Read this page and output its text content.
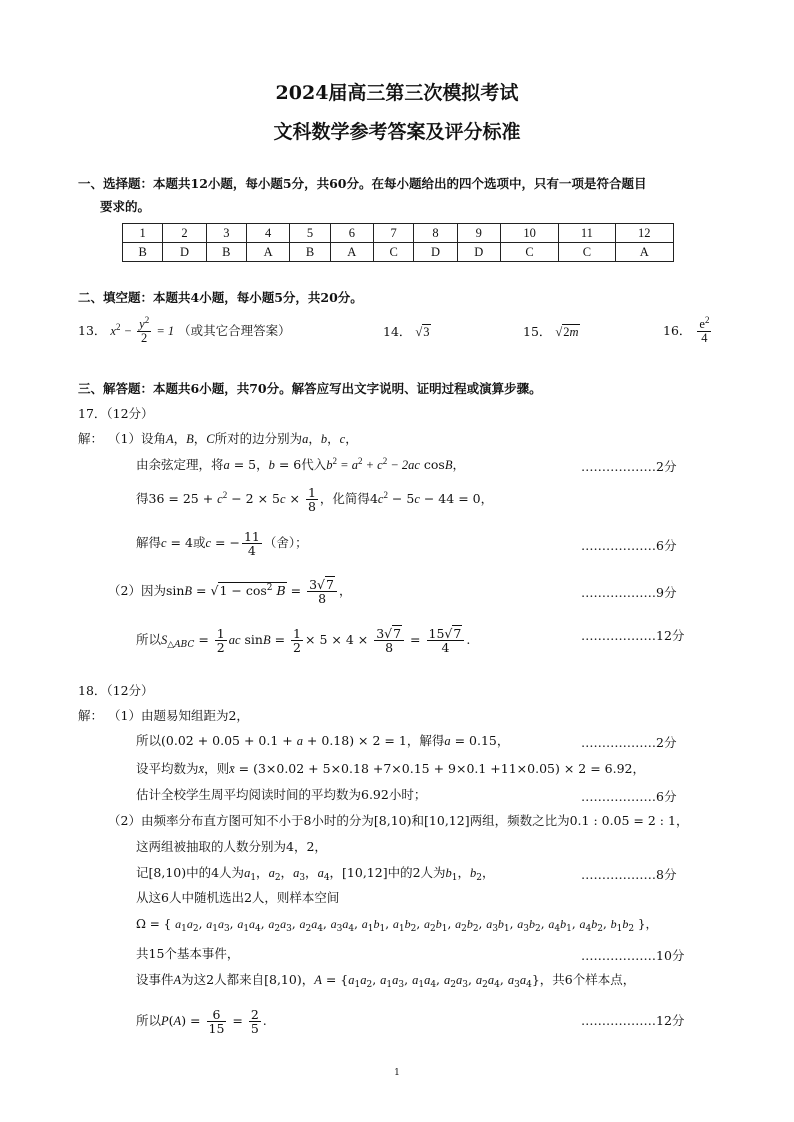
2024届高三第三次模拟考试
文科数学参考答案及评分标准
一、选择题：本题共12小题，每小题5分，共60分。在每小题给出的四个选项中，只有一项是符合题目
要求的。
1	2	3	4	5	6	7	8	9	10	11	12
B	D	B	A	B	A	C	D	D	C	C	A
二、填空题：本题共4小题，每小题5分，共20分。
13． $x^2 - \frac{y^2}{2} = 1$ （或其它合理答案）	14． √3	15． √2m	16． $\frac{e^2}{4}$
三、解答题：本题共6小题，共70分。解答应写出文字说明、证明过程或演算步骤。
17．（12分）
解： （1）设角A，B，C所对的边分别为a，b，c，
由余弦定理，将a = 5，b = 6代入$b^2 = a^2 + c^2 - 2ac$ cosB，	………………2分
得$36 = 25 + c^2 - 2 \times 5c \times \frac{1}{8}$ ，化简得$4c^2 - 5c - 44 = 0$，
解得c = 4或c = − $\frac{11}{4}$ （舍）；	………………6分
（2）因为$\sin B = √1 - \cos^2 B = \frac{3√7}{8}$ ，	………………9分
所以$S_{\triangle ABC} = \frac{1}{2}$ ac $\sin B = \frac{1}{2} \times 5 \times 4 \times \frac{3√7}{8} = \frac{15√7}{4}$ .	………………12分
18．（12分）
解： （1）由题易知组距为2，
所以(0.02 + 0.05 + 0.1 + a + 0.18) × 2 = 1，解得a = 0.15，	………………2分
设平均数为x̄，则x̄ = (3×0.02 + 5×0.18 +7×0.15 + 9×0.1 +11×0.05) × 2 = 6.92，
估计全校学生周平均阅读时间的平均数为6.92小时；	………………6分
（2）由频率分布直方图可知不小于8小时的分为[8,10)和[10,12]两组，频数之比为0.1 : 0.05 = 2 : 1，
这两组被抽取的人数分别为4，2，
记[8,10)中的4人为$a_1$，$a_2$，$a_3$，$a_4$，[10,12]中的2人为$b_1$，$b_2$，	………………8分
从这6人中随机选出2人，则样本空间
Ω = { $a_1a_2$, $a_1a_3$, $a_1a_4$, $a_2a_3$, $a_2a_4$, $a_3a_4$, $a_1b_1$, $a_1b_2$, $a_2b_1$, $a_2b_2$, $a_3b_1$, $a_3b_2$, $a_4b_1$, $a_4b_2$, $b_1b_2$ }，
共15个基本事件，	………………10分
设事件A为这2人都来自[8,10)，$A = \{a_1a_2$, $a_1a_3$, $a_1a_4$, $a_2a_3$, $a_2a_4$, $a_3a_4$}，共6个样本点，
所以$P(A) = \frac{6}{15} = \frac{2}{5}$ .	………………12分
1
